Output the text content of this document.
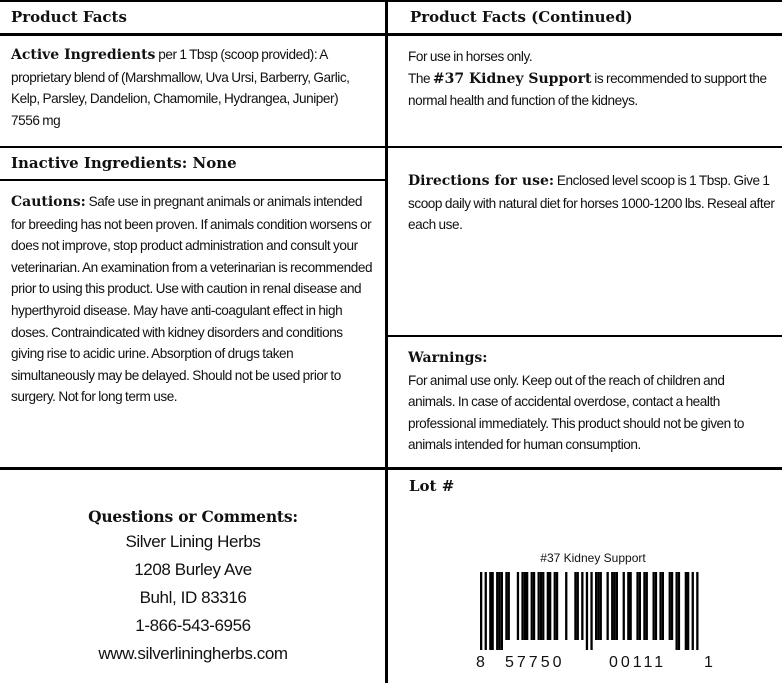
Product Facts
Active Ingredients per 1 Tbsp (scoop provided): A proprietary blend of (Marshmallow, Uva Ursi, Barberry, Garlic, Kelp, Parsley, Dandelion, Chamomile, Hydrangea, Juniper) 7556 mg
Inactive Ingredients: None
Cautions: Safe use in pregnant animals or animals intended for breeding has not been proven. If animals condition worsens or does not improve, stop product administration and consult your veterinarian. An examination from a veterinarian is recommended prior to using this product. Use with caution in renal disease and hyperthyroid disease. May have anti-coagulant effect in high doses. Contraindicated with kidney disorders and conditions giving rise to acidic urine. Absorption of drugs taken simultaneously may be delayed. Should not be used prior to surgery. Not for long term use.
Questions or Comments:
Silver Lining Herbs
1208 Burley Ave
Buhl, ID 83316
1-866-543-6956
www.silverliningherbs.com
Product Facts (Continued)
For use in horses only.
The #37 Kidney Support is recommended to support the normal health and function of the kidneys.
Directions for use: Enclosed level scoop is 1 Tbsp. Give 1 scoop daily with natural diet for horses 1000-1200 lbs. Reseal after each use.
Warnings:
For animal use only. Keep out of the reach of children and animals. In case of accidental overdose, contact a health professional immediately. This product should not be given to animals intended for human consumption.
Lot #
#37 Kidney Support
8 57750	00111 1
